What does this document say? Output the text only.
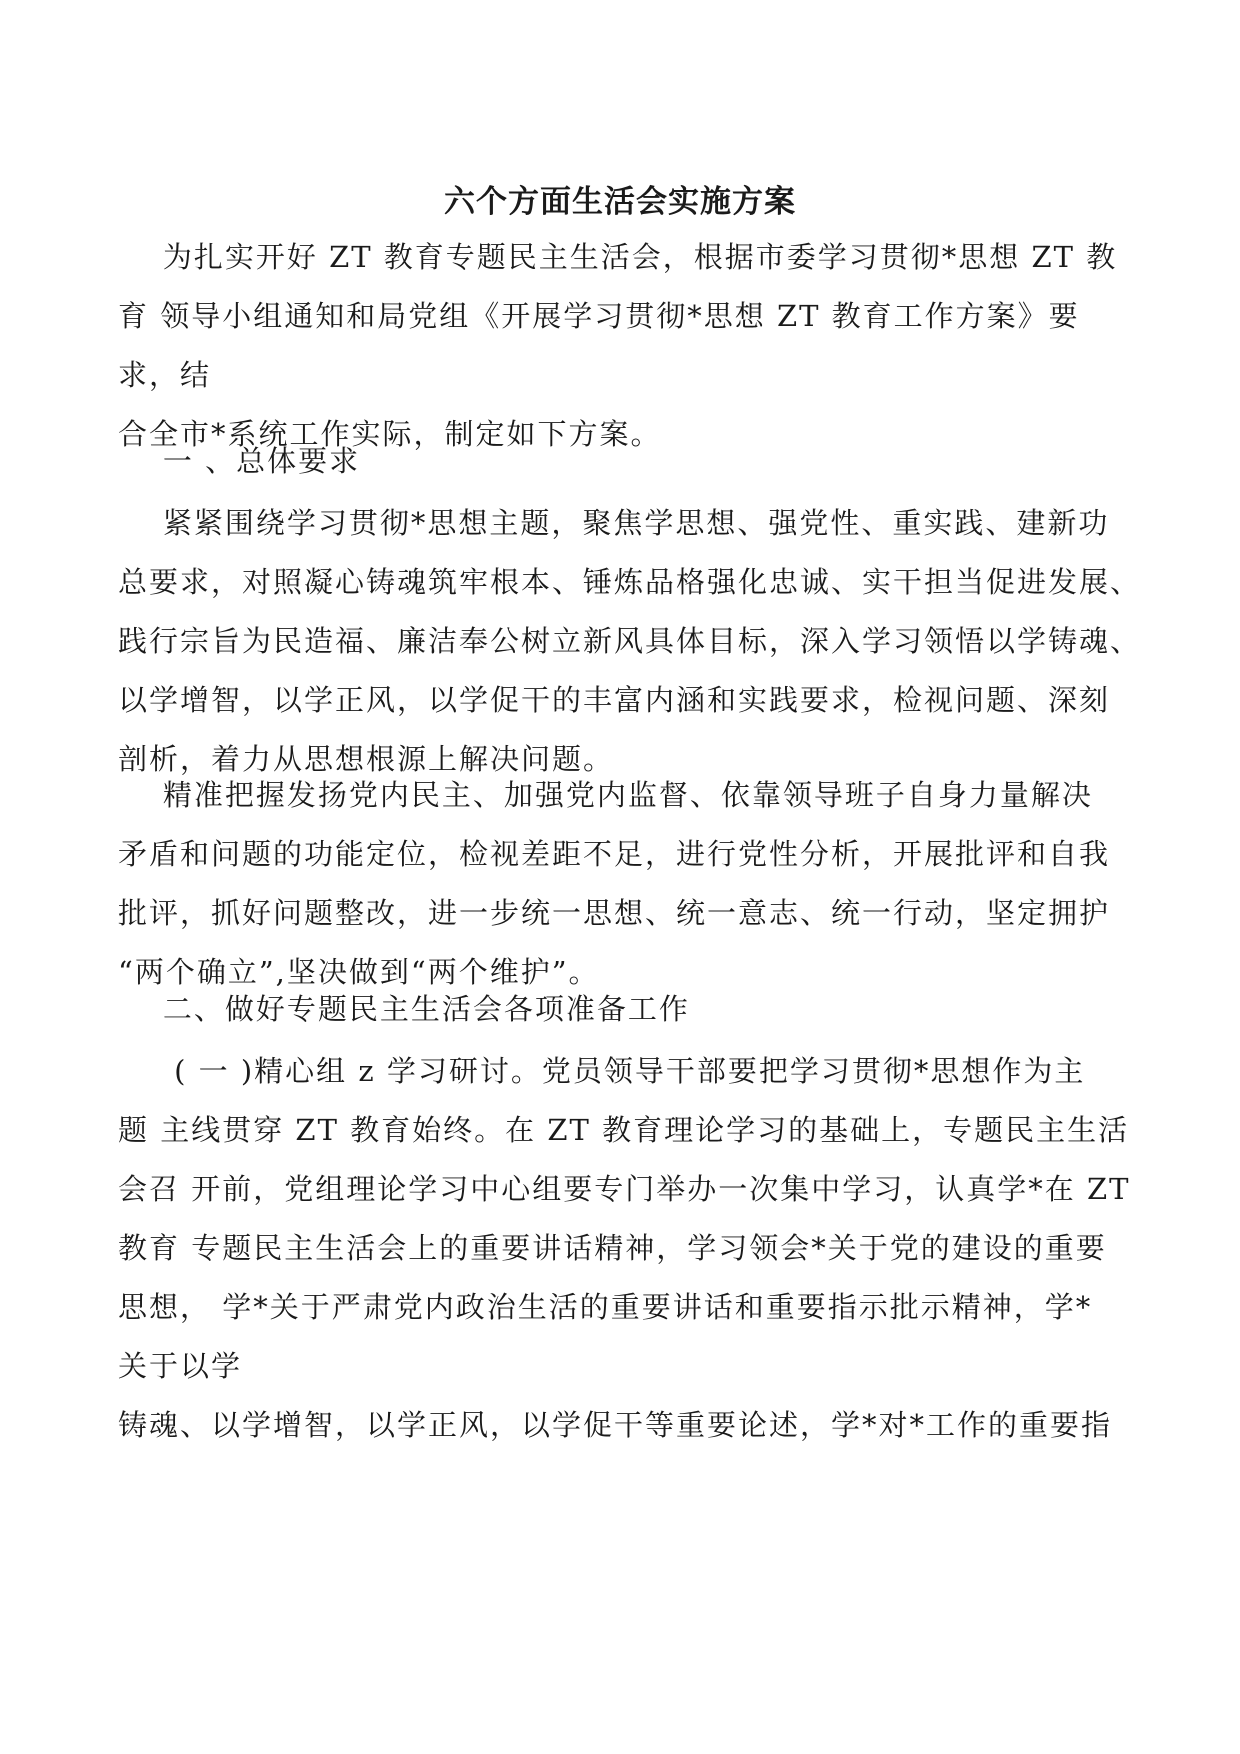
六个方面生活会实施方案
为扎实开好 ZT 教育专题民主生活会，根据市委学习贯彻*思想 ZT 教
育 领导小组通知和局党组《开展学习贯彻*思想 ZT 教育工作方案》要
求，结
合全市*系统工作实际，制定如下方案。
一 、总体要求
紧紧围绕学习贯彻*思想主题，聚焦学思想、强党性、重实践、建新功
总要求，对照凝心铸魂筑牢根本、锤炼品格强化忠诚、实干担当促进发展、
践行宗旨为民造福、廉洁奉公树立新风具体目标，深入学习领悟以学铸魂、
以学增智，以学正风，以学促干的丰富内涵和实践要求，检视问题、深刻
剖析，着力从思想根源上解决问题。
精准把握发扬党内民主、加强党内监督、依靠领导班子自身力量解决
矛盾和问题的功能定位，检视差距不足，进行党性分析，开展批评和自我
批评，抓好问题整改，进一步统一思想、统一意志、统一行动，坚定拥护
“两个确立”,坚决做到“两个维护”。
二、做好专题民主生活会各项准备工作
( 一 )精心组 z 学习研讨。党员领导干部要把学习贯彻*思想作为主
题 主线贯穿 ZT 教育始终。在 ZT 教育理论学习的基础上，专题民主生活
会召 开前，党组理论学习中心组要专门举办一次集中学习，认真学*在 ZT
教育 专题民主生活会上的重要讲话精神，学习领会*关于党的建设的重要
思想， 学*关于严肃党内政治生活的重要讲话和重要指示批示精神，学*
关于以学
铸魂、以学增智，以学正风，以学促干等重要论述，学*对*工作的重要指
